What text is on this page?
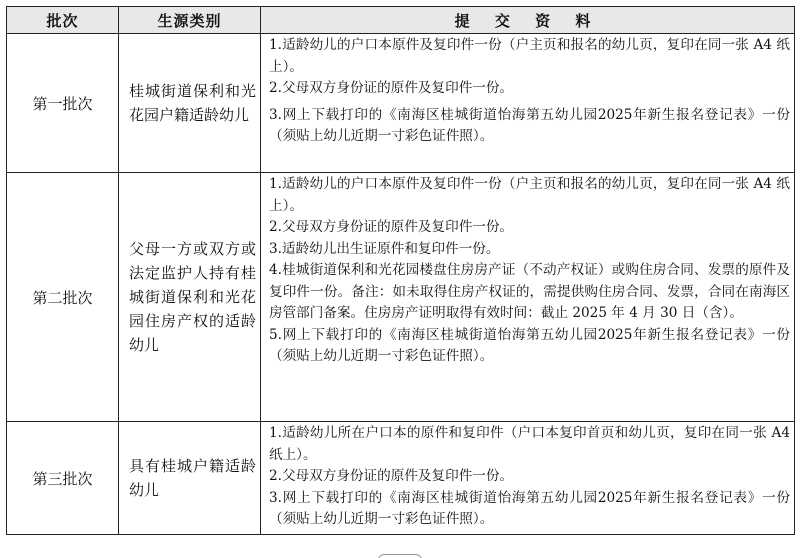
批次	生源类别	提 交 资 料
第一批次	桂城街道保利和光花园户籍适龄幼儿	1.适龄幼儿的户口本原件及复印件一份（户主页和报名的幼儿页，复印在同一张 A4 纸上）。

2.父母双方身份证的原件及复印件一份。

3.网上下载打印的《南海区桂城街道怡海第五幼儿园2025年新生报名登记表》一份（须贴上幼儿近期一寸彩色证件照）。

第二批次	父母一方或双方或法定监护人持有桂城街道保利和光花园住房产权的适龄幼儿	1.适龄幼儿的户口本原件及复印件一份（户主页和报名的幼儿页，复印在同一张 A4 纸上）。

2.父母双方身份证的原件及复印件一份。

3.适龄幼儿出生证原件和复印件一份。

4.桂城街道保利和光花园楼盘住房房产证（不动产权证）或购住房合同、发票的原件及复印件一份。备注：如未取得住房产权证的，需提供购住房合同、发票，合同在南海区房管部门备案。住房房产证明取得有效时间：截止 2025 年 4 月 30 日（含）。

5.网上下载打印的《南海区桂城街道怡海第五幼儿园2025年新生报名登记表》一份（须贴上幼儿近期一寸彩色证件照）。

第三批次	具有桂城户籍适龄幼儿	1.适龄幼儿所在户口本的原件和复印件（户口本复印首页和幼儿页，复印在同一张 A4 纸上）。

2.父母双方身份证的原件及复印件一份。

3.网上下载打印的《南海区桂城街道怡海第五幼儿园2025年新生报名登记表》一份（须贴上幼儿近期一寸彩色证件照）。
